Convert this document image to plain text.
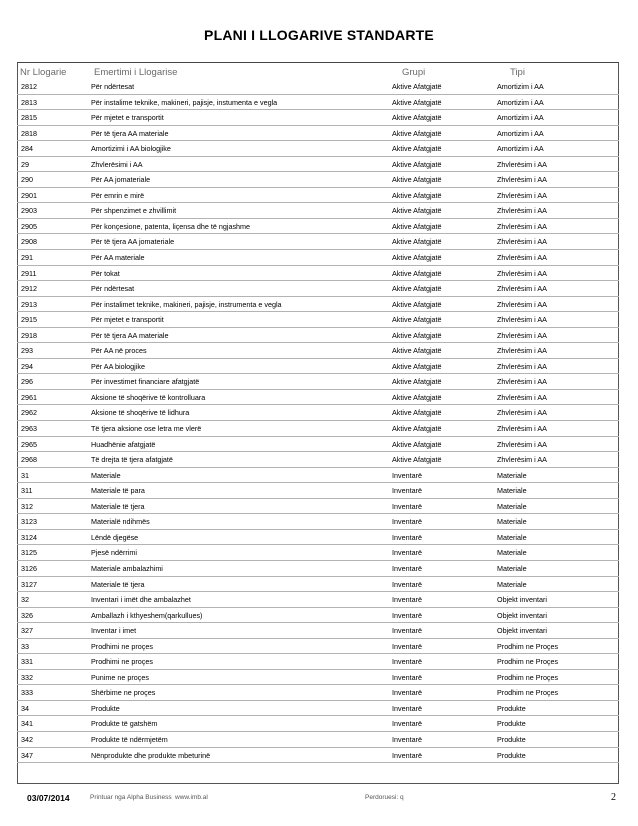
PLANI I LLOGARIVE STANDARTE
Nr Llogarie	Emertimi i Llogarise	Grupi	Tipi
2812	Për ndërtesat	Aktive Afatgjatë	Amortizim i AA
2813	Për instalime teknike, makineri, pajisje, instumenta e vegla	Aktive Afatgjatë	Amortizim i AA
2815	Për mjetet e transportit	Aktive Afatgjatë	Amortizim i AA
2818	Për të tjera AA materiale	Aktive Afatgjatë	Amortizim i AA
284	Amortizimi i AA biologjike	Aktive Afatgjatë	Amortizim i AA
29	Zhvlerësimi i AA	Aktive Afatgjatë	Zhvlerësim i AA
290	Për AA jomateriale	Aktive Afatgjatë	Zhvlerësim i AA
2901	Për emrin e mirë	Aktive Afatgjatë	Zhvlerësim i AA
2903	Për shpenzimet e zhvillimit	Aktive Afatgjatë	Zhvlerësim i AA
2905	Për konçesione, patenta, liçensa dhe të ngjashme	Aktive Afatgjatë	Zhvlerësim i AA
2908	Për të tjera AA jomateriale	Aktive Afatgjatë	Zhvlerësim i AA
291	Për AA materiale	Aktive Afatgjatë	Zhvlerësim i AA
2911	Për tokat	Aktive Afatgjatë	Zhvlerësim i AA
2912	Për ndërtesat	Aktive Afatgjatë	Zhvlerësim i AA
2913	Për instalimet teknike, makineri, pajisje, instrumenta e vegla	Aktive Afatgjatë	Zhvlerësim i AA
2915	Për mjetet e transportit	Aktive Afatgjatë	Zhvlerësim i AA
2918	Për të tjera AA materiale	Aktive Afatgjatë	Zhvlerësim i AA
293	Për AA në proces	Aktive Afatgjatë	Zhvlerësim i AA
294	Për AA biologjike	Aktive Afatgjatë	Zhvlerësim i AA
296	Për investimet financiare afatgjatë	Aktive Afatgjatë	Zhvlerësim i AA
2961	Aksione të shoqërive të kontrolluara	Aktive Afatgjatë	Zhvlerësim i AA
2962	Aksione të shoqërive të lidhura	Aktive Afatgjatë	Zhvlerësim i AA
2963	Të tjera aksione ose letra me vlerë	Aktive Afatgjatë	Zhvlerësim i AA
2965	Huadhënie afatgjatë	Aktive Afatgjatë	Zhvlerësim i AA
2968	Të drejta të tjera afatgjatë	Aktive Afatgjatë	Zhvlerësim i AA
31	Materiale	Inventarë	Materiale
311	Materiale të para	Inventarë	Materiale
312	Materiale të tjera	Inventarë	Materiale
3123	Materialë ndihmës	Inventarë	Materiale
3124	Lëndë djegëse	Inventarë	Materiale
3125	Pjesë ndërrimi	Inventarë	Materiale
3126	Materiale ambalazhimi	Inventarë	Materiale
3127	Materiale të tjera	Inventarë	Materiale
32	Inventari i imët dhe ambalazhet	Inventarë	Objekt inventari
326	Amballazh i kthyeshem(qarkullues)	Inventarë	Objekt inventari
327	Inventar i imet	Inventarë	Objekt inventari
33	Prodhimi ne proçes	Inventarë	Prodhim ne Proçes
331	Prodhimi ne proçes	Inventarë	Prodhim ne Proçes
332	Punime ne proçes	Inventarë	Prodhim ne Proçes
333	Shërbime ne proçes	Inventarë	Prodhim ne Proçes
34	Produkte	Inventarë	Produkte
341	Produkte të gatshëm	Inventarë	Produkte
342	Produkte të ndërmjetëm	Inventarë	Produkte
347	Nënprodukte dhe produkte mbeturinë	Inventarë	Produkte
03/07/2014	Printuar nga Alpha Business www.imb.al	Perdoruesi: q	2
